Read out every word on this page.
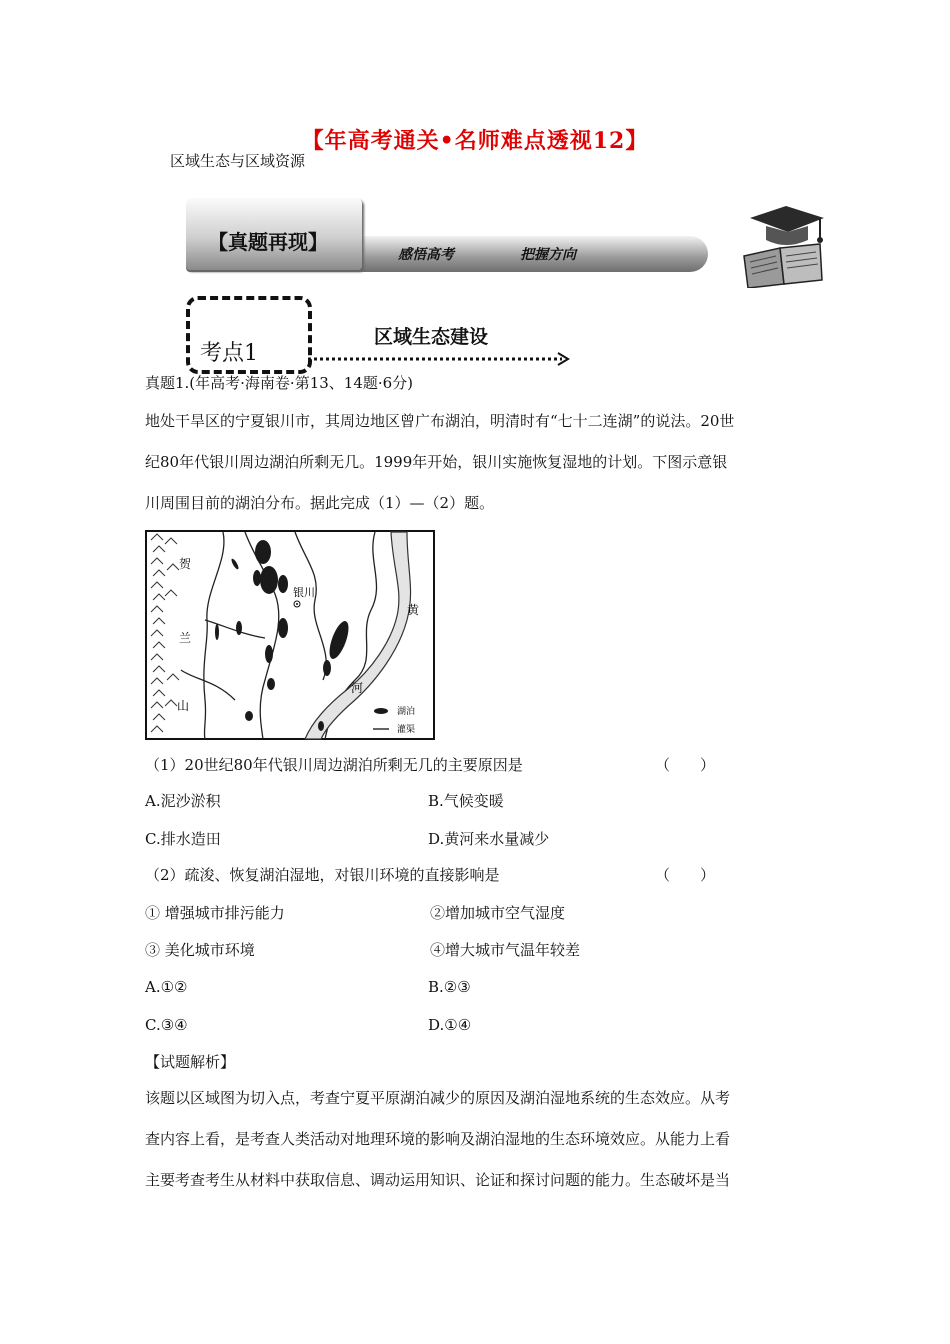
【年高考通关•名师难点透视12】
区域生态与区域资源
【真题再现】
感悟高考	把握方向
考点1
区域生态建设
真题1.(年高考·海南卷·第13、14题·6分)
地处干旱区的宁夏银川市，其周边地区曾广布湖泊，明清时有“七十二连湖”的说法。20世
纪80年代银川周边湖泊所剩无几。1999年开始，银川实施恢复湿地的计划。下图示意银
川周围目前的湖泊分布。据此完成（1）—（2）题。
贺
兰
山
银川
黄
河
湖泊
灌渠
（1）20世纪80年代银川周边湖泊所剩无几的主要原因是	（　　）
A.泥沙淤积	B.气候变暖
C.排水造田	D.黄河来水量减少
（2）疏浚、恢复湖泊湿地，对银川环境的直接影响是	（　　）
① 增强城市排污能力	②增加城市空气湿度
③ 美化城市环境	④增大城市气温年较差
A.①②	B.②③
C.③④	D.①④
【试题解析】
该题以区域图为切入点，考查宁夏平原湖泊减少的原因及湖泊湿地系统的生态效应。从考
查内容上看，是考查人类活动对地理环境的影响及湖泊湿地的生态环境效应。从能力上看
主要考查考生从材料中获取信息、调动运用知识、论证和探讨问题的能力。生态破坏是当
